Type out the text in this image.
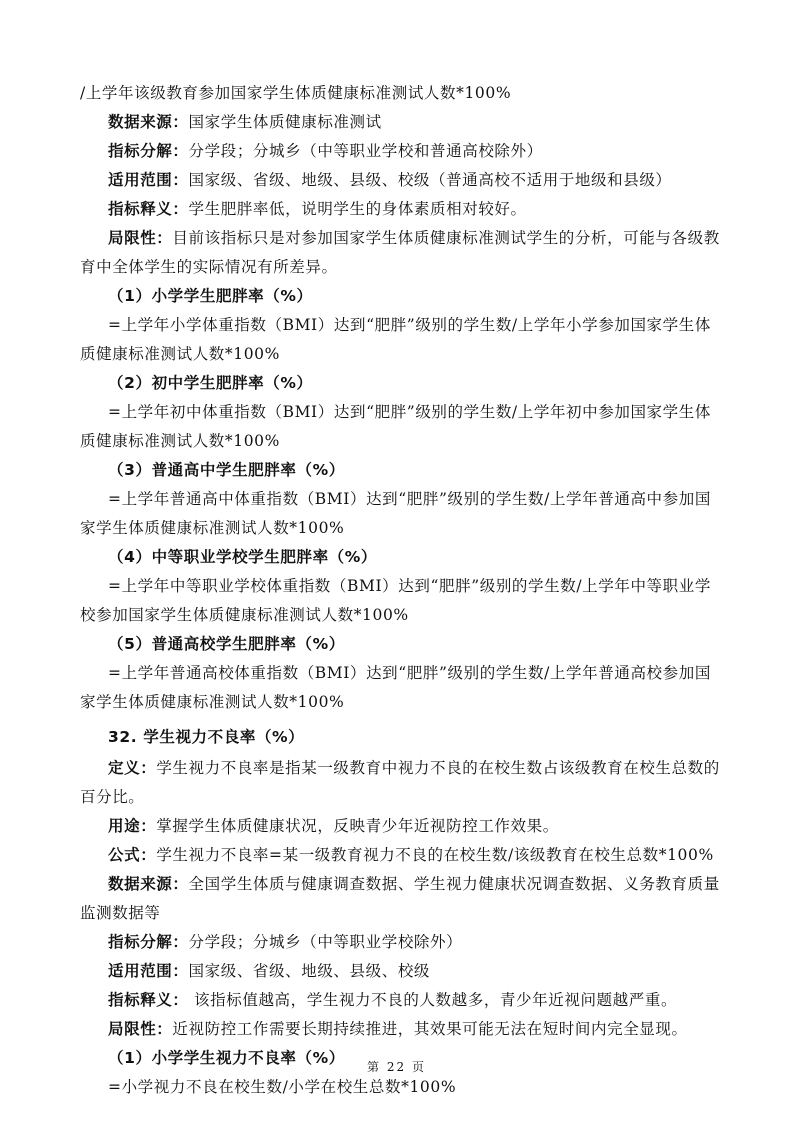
/上学年该级教育参加国家学生体质健康标准测试人数*100%
数据来源：国家学生体质健康标准测试
指标分解：分学段；分城乡（中等职业学校和普通高校除外）
适用范围：国家级、省级、地级、县级、校级（普通高校不适用于地级和县级）
指标释义：学生肥胖率低，说明学生的身体素质相对较好。
局限性：目前该指标只是对参加国家学生体质健康标准测试学生的分析，可能与各级教
育中全体学生的实际情况有所差异。
（1）小学学生肥胖率（%）
=上学年小学体重指数（BMI）达到“肥胖”级别的学生数/上学年小学参加国家学生体
质健康标准测试人数*100%
（2）初中学生肥胖率（%）
=上学年初中体重指数（BMI）达到“肥胖”级别的学生数/上学年初中参加国家学生体
质健康标准测试人数*100%
（3）普通高中学生肥胖率（%）
=上学年普通高中体重指数（BMI）达到“肥胖”级别的学生数/上学年普通高中参加国
家学生体质健康标准测试人数*100%
（4）中等职业学校学生肥胖率（%）
=上学年中等职业学校体重指数（BMI）达到“肥胖”级别的学生数/上学年中等职业学
校参加国家学生体质健康标准测试人数*100%
（5）普通高校学生肥胖率（%）
=上学年普通高校体重指数（BMI）达到“肥胖”级别的学生数/上学年普通高校参加国
家学生体质健康标准测试人数*100%
32. 学生视力不良率（%）
定义：学生视力不良率是指某一级教育中视力不良的在校生数占该级教育在校生总数的
百分比。
用途：掌握学生体质健康状况，反映青少年近视防控工作效果。
公式：学生视力不良率=某一级教育视力不良的在校生数/该级教育在校生总数*100%
数据来源：全国学生体质与健康调查数据、学生视力健康状况调查数据、义务教育质量
监测数据等
指标分解：分学段；分城乡（中等职业学校除外）
适用范围：国家级、省级、地级、县级、校级
指标释义： 该指标值越高，学生视力不良的人数越多，青少年近视问题越严重。
局限性：近视防控工作需要长期持续推进，其效果可能无法在短时间内完全显现。
（1）小学学生视力不良率（%）
=小学视力不良在校生数/小学在校生总数*100%
第 22 页
